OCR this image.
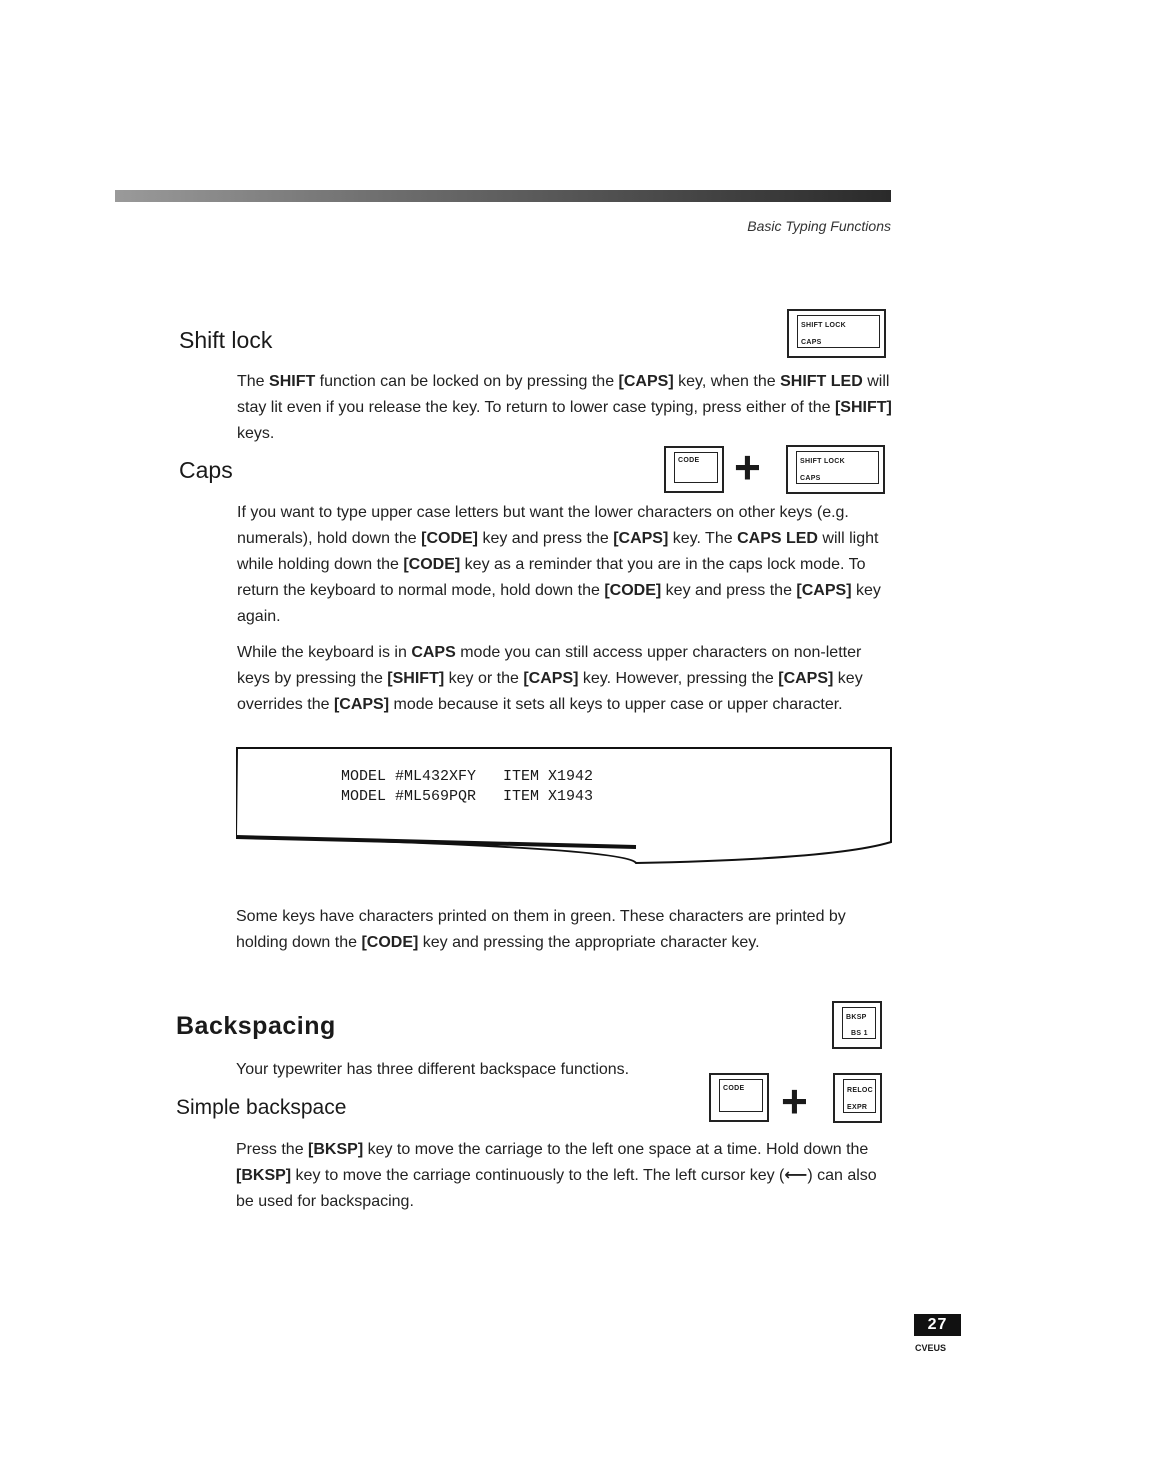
Basic Typing Functions
Shift lock
SHIFT LOCK
CAPS
The SHIFT function can be locked on by pressing the [CAPS] key, when the SHIFT LED will stay lit even if you release the key. To return to lower case typing, press either of the [SHIFT] keys.
Caps	CODE +	SHIFT LOCK
CAPS
If you want to type upper case letters but want the lower characters on other keys (e.g. numerals), hold down the [CODE] key and press the [CAPS] key. The CAPS LED will light while holding down the [CODE] key as a reminder that you are in the caps lock mode. To return the keyboard to normal mode, hold down the [CODE] key and press the [CAPS] key again.
While the keyboard is in CAPS mode you can still access upper characters on non-letter keys by pressing the [SHIFT] key or the [CAPS] key. However, pressing the [CAPS] key overrides the [CAPS] mode because it sets all keys to upper case or upper character.
MODEL #ML432XFY   ITEM X1942
MODEL #ML569PQR   ITEM X1943
Some keys have characters printed on them in green. These characters are printed by holding down the [CODE] key and pressing the appropriate character key.
Backspacing	BKSP
BS 1
Your typewriter has three different backspace functions.
Simple backspace
CODE +	RELOC
EXPR
Press the [BKSP] key to move the carriage to the left one space at a time. Hold down the [BKSP] key to move the carriage continuously to the left. The left cursor key (⟵) can also be used for backspacing.
27
CVEUS
